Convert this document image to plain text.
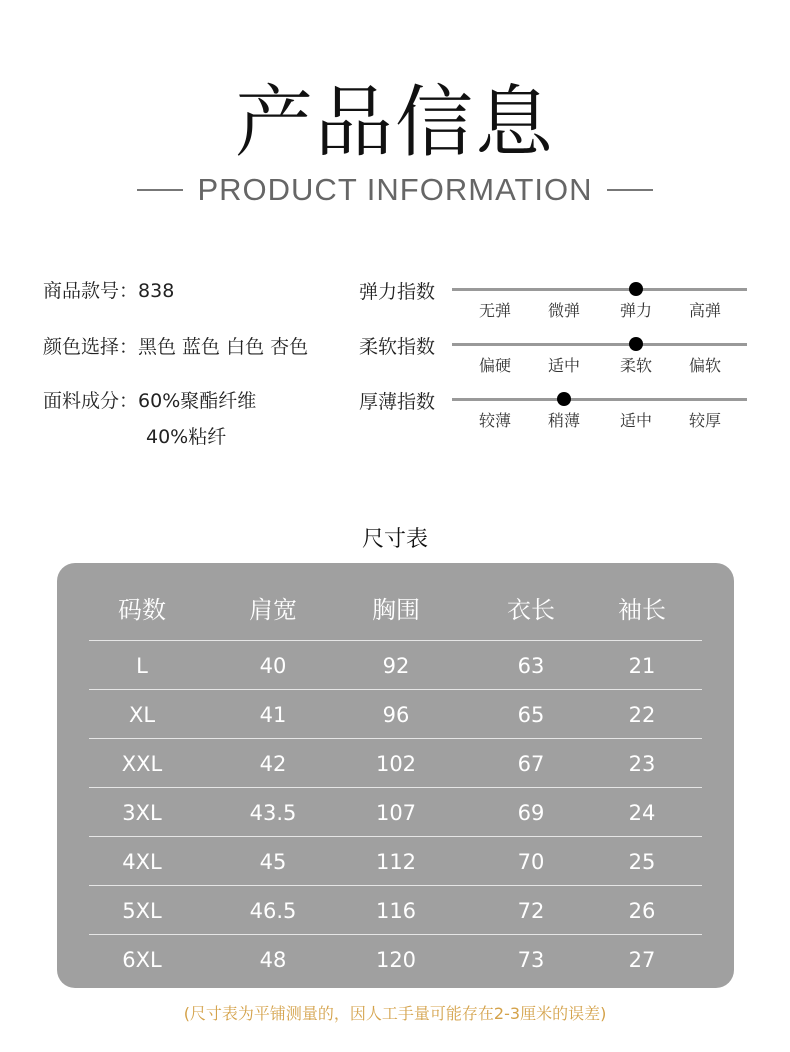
产品信息
PRODUCT INFORMATION
商品款号：838
颜色选择：黑色 蓝色 白色 杏色
面料成分：60%聚酯纤维
40%粘纤
弹力指数
无弹 微弹 弹力 高弹
柔软指数
偏硬 适中 柔软 偏软
厚薄指数
较薄 稍薄 适中 较厚
尺寸表
码数	肩宽	胸围	衣长	袖长
L	40	92	63	21
XL	41	96	65	22
XXL	42	102	67	23
3XL	43.5	107	69	24
4XL	45	112	70	25
5XL	46.5	116	72	26
6XL	48	120	73	27
(尺寸表为平铺测量的，因人工手量可能存在2-3厘米的误差)
